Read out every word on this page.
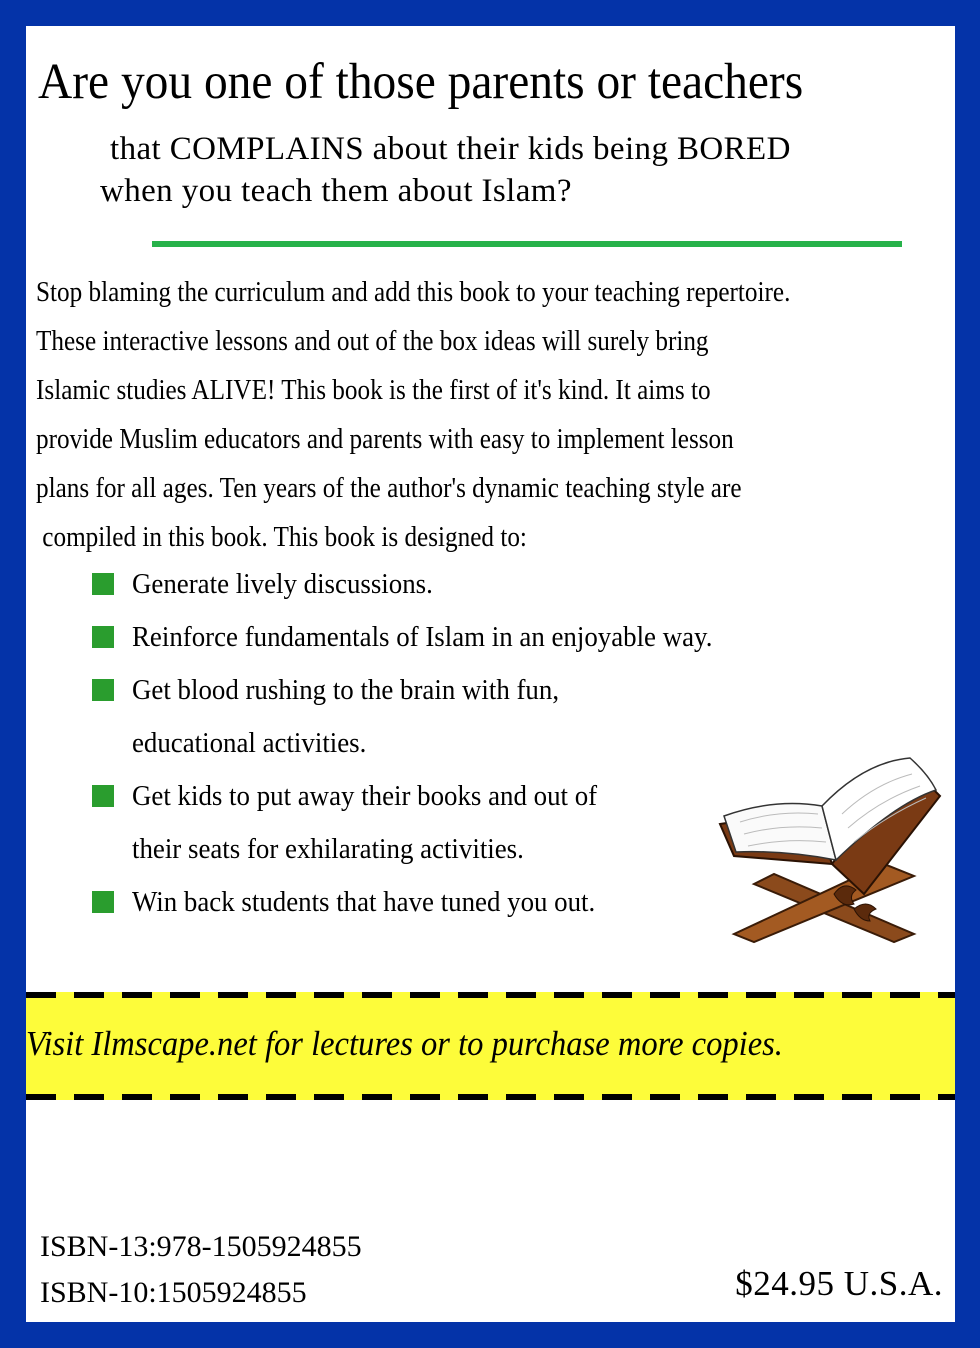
Are you one of those parents or teachers
that COMPLAINS about their kids being BORED
when you teach them about Islam?

Stop blaming the curriculum and add this book to your teaching repertoire.

These interactive lessons and out of the box ideas will surely bring

Islamic studies ALIVE! This book is the first of it's kind. It aims to

provide Muslim educators and parents with easy to implement lesson

plans for all ages. Ten years of the author's dynamic teaching style are

compiled in this book. This book is designed to:

Generate lively discussions.
Reinforce fundamentals of Islam in an enjoyable way.
Get blood rushing to the brain with fun,
educational activities.
Get kids to put away their books and out of
their seats for exhilarating activities.
Win back students that have tuned you out.
Visit Ilmscape.net for lectures or to purchase more copies.
ISBN-13:978-1505924855
ISBN-10:1505924855	$24.95 U.S.A.
